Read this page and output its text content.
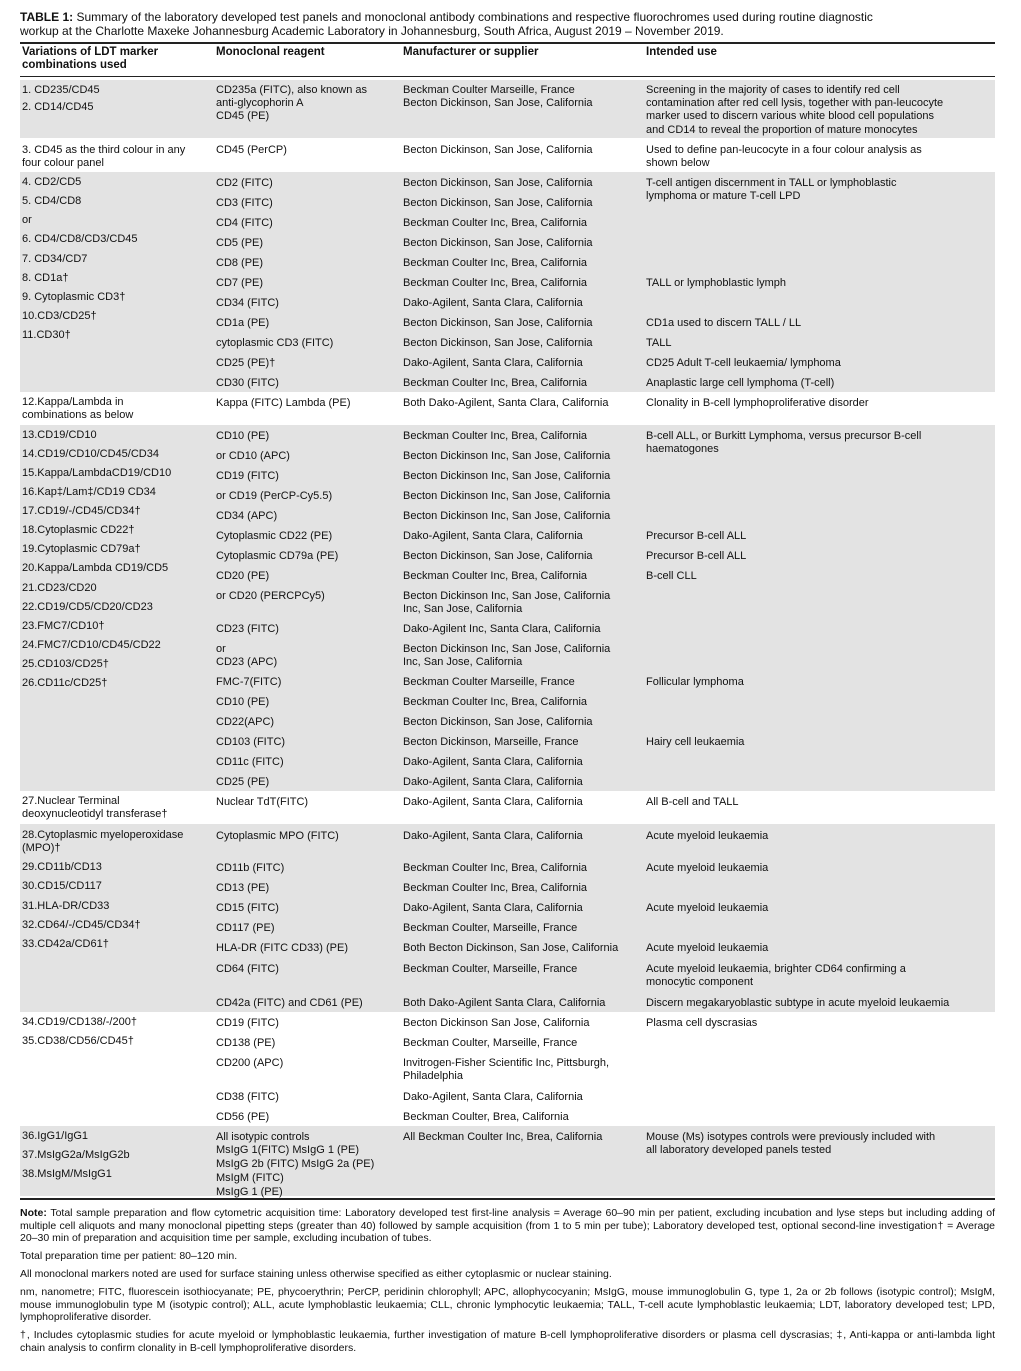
TABLE 1: Summary of the laboratory developed test panels and monoclonal antibody combinations and respective fluorochromes used during routine diagnostic
workup at the Charlotte Maxeke Johannesburg Academic Laboratory in Johannesburg, South Africa, August 2019 – November 2019.
Variations of LDT marker
combinations used
Monoclonal reagent	Manufacturer or supplier	Intended use
1. CD235/CD45
2. CD14/CD45
3. CD45 as the third colour in any
four colour panel
4. CD2/CD5
5. CD4/CD8
or
6. CD4/CD8/CD3/CD45
7. CD34/CD7
8. CD1a†
9. Cytoplasmic CD3†
10.CD3/CD25†
11.CD30†
12.Kappa/Lambda in
combinations as below
13.CD19/CD10
14.CD19/CD10/CD45/CD34
15.Kappa/LambdaCD19/CD10
16.Kap‡/Lam‡/CD19 CD34
17.CD19/-/CD45/CD34†
18.Cytoplasmic CD22†
19.Cytoplasmic CD79a†
20.Kappa/Lambda CD19/CD5
21.CD23/CD20
22.CD19/CD5/CD20/CD23
23.FMC7/CD10†
24.FMC7/CD10/CD45/CD22
25.CD103/CD25†
26.CD11c/CD25†
27.Nuclear Terminal
deoxynucleotidyl transferase†
28.Cytoplasmic myeloperoxidase
(MPO)†
29.CD11b/CD13
30.CD15/CD117
31.HLA-DR/CD33
32.CD64/-/CD45/CD34†
33.CD42a/CD61†
34.CD19/CD138/-/200†
35.CD38/CD56/CD45†
36.IgG1/IgG1
37.MsIgG2a/MsIgG2b
38.MsIgM/MsIgG1
CD235a (FITC), also known as
anti-glycophorin A
CD45 (PE)
CD45 (PerCP)
CD2 (FITC)
CD3 (FITC)
CD4 (FITC)
CD5 (PE)
CD8 (PE)
CD7 (PE)
CD34 (FITC)
CD1a (PE)
cytoplasmic CD3 (FITC)
CD25 (PE)†
CD30 (FITC)
Kappa (FITC) Lambda (PE)
CD10 (PE)
or CD10 (APC)
CD19 (FITC)
or CD19 (PerCP-Cy5.5)
CD34 (APC)
Cytoplasmic CD22 (PE)
Cytoplasmic CD79a (PE)
CD20 (PE)
or CD20 (PERCPCy5)
CD23 (FITC)
or
CD23 (APC)
FMC-7(FITC)
CD10 (PE)
CD22(APC)
CD103 (FITC)
CD11c (FITC)
CD25 (PE)
Nuclear TdT(FITC)
Cytoplasmic MPO (FITC)
CD11b (FITC)
CD13 (PE)
CD15 (FITC)
CD117 (PE)
HLA-DR (FITC CD33) (PE)
CD64 (FITC)
CD42a (FITC) and CD61 (PE)
CD19 (FITC)
CD138 (PE)
CD200 (APC)
CD38 (FITC)
CD56 (PE)
All isotypic controls
MsIgG 1(FITC) MsIgG 1 (PE)
MsIgG 2b (FITC) MsIgG 2a (PE)
MsIgM (FITC)
MsIgG 1 (PE)
Beckman Coulter Marseille, France
Becton Dickinson, San Jose, California
Becton Dickinson, San Jose, California
Becton Dickinson, San Jose, California
Becton Dickinson, San Jose, California
Beckman Coulter Inc, Brea, California
Becton Dickinson, San Jose, California
Beckman Coulter Inc, Brea, California
Beckman Coulter Inc, Brea, California
Dako-Agilent, Santa Clara, California
Becton Dickinson, San Jose, California
Becton Dickinson, San Jose, California
Dako-Agilent, Santa Clara, California
Beckman Coulter Inc, Brea, California
Both Dako-Agilent, Santa Clara, California
Beckman Coulter Inc, Brea, California
Becton Dickinson Inc, San Jose, California
Becton Dickinson Inc, San Jose, California
Becton Dickinson Inc, San Jose, California
Becton Dickinson Inc, San Jose, California
Dako-Agilent, Santa Clara, California
Becton Dickinson, San Jose, California
Beckman Coulter Inc, Brea, California
Becton Dickinson Inc, San Jose, California
Inc, San Jose, California
Dako-Agilent Inc, Santa Clara, California
Becton Dickinson Inc, San Jose, California
Inc, San Jose, California
Beckman Coulter Marseille, France
Beckman Coulter Inc, Brea, California
Becton Dickinson, San Jose, California
Becton Dickinson, Marseille, France
Dako-Agilent, Santa Clara, California
Dako-Agilent, Santa Clara, California
Dako-Agilent, Santa Clara, California
Dako-Agilent, Santa Clara, California
Beckman Coulter Inc, Brea, California
Beckman Coulter Inc, Brea, California
Dako-Agilent, Santa Clara, California
Beckman Coulter, Marseille, France
Both Becton Dickinson, San Jose, California
Beckman Coulter, Marseille, France
Both Dako-Agilent Santa Clara, California
Becton Dickinson San Jose, California
Beckman Coulter, Marseille, France
Invitrogen-Fisher Scientific Inc, Pittsburgh,
Philadelphia
Dako-Agilent, Santa Clara, California
Beckman Coulter, Brea, California
All Beckman Coulter Inc, Brea, California
Screening in the majority of cases to identify red cell
contamination after red cell lysis, together with pan-leucocyte
marker used to discern various white blood cell populations
and CD14 to reveal the proportion of mature monocytes
Used to define pan-leucocyte in a four colour analysis as
shown below
T-cell antigen discernment in TALL or lymphoblastic
lymphoma or mature T-cell LPD
TALL or lymphoblastic lymph
CD1a used to discern TALL / LL
TALL
CD25 Adult T-cell leukaemia/ lymphoma
Anaplastic large cell lymphoma (T-cell)
Clonality in B-cell lymphoproliferative disorder
B-cell ALL, or Burkitt Lymphoma, versus precursor B-cell
haematogones
Precursor B-cell ALL
Precursor B-cell ALL
B-cell CLL
Follicular lymphoma
Hairy cell leukaemia
All B-cell and TALL
Acute myeloid leukaemia
Acute myeloid leukaemia
Acute myeloid leukaemia
Acute myeloid leukaemia
Acute myeloid leukaemia, brighter CD64 confirming a
monocytic component
Discern megakaryoblastic subtype in acute myeloid leukaemia
Plasma cell dyscrasias
Mouse (Ms) isotypes controls were previously included with
all laboratory developed panels tested
Note: Total sample preparation and flow cytometric acquisition time: Laboratory developed test first-line analysis = Average 60–90 min per patient, excluding incubation and lyse steps but including adding of multiple cell aliquots and many monoclonal pipetting steps (greater than 40) followed by sample acquisition (from 1 to 5 min per tube); Laboratory developed test, optional second-line investigation† = Average 20–30 min of preparation and acquisition time per sample, excluding incubation of tubes.
Total preparation time per patient: 80–120 min.
All monoclonal markers noted are used for surface staining unless otherwise specified as either cytoplasmic or nuclear staining.
nm, nanometre; FITC, fluorescein isothiocyanate; PE, phycoerythrin; PerCP, peridinin chlorophyll; APC, allophycocyanin; MsIgG, mouse immunoglobulin G, type 1, 2a or 2b follows (isotypic control); MsIgM, mouse immunoglobulin type M (isotypic control); ALL, acute lymphoblastic leukaemia; CLL, chronic lymphocytic leukaemia; TALL, T-cell acute lymphoblastic leukaemia; LDT, laboratory developed test; LPD, lymphoproliferative disorder.
†, Includes cytoplasmic studies for acute myeloid or lymphoblastic leukaemia, further investigation of mature B-cell lymphoproliferative disorders or plasma cell dyscrasias; ‡, Anti-kappa or anti-lambda light chain analysis to confirm clonality in B-cell lymphoproliferative disorders.
